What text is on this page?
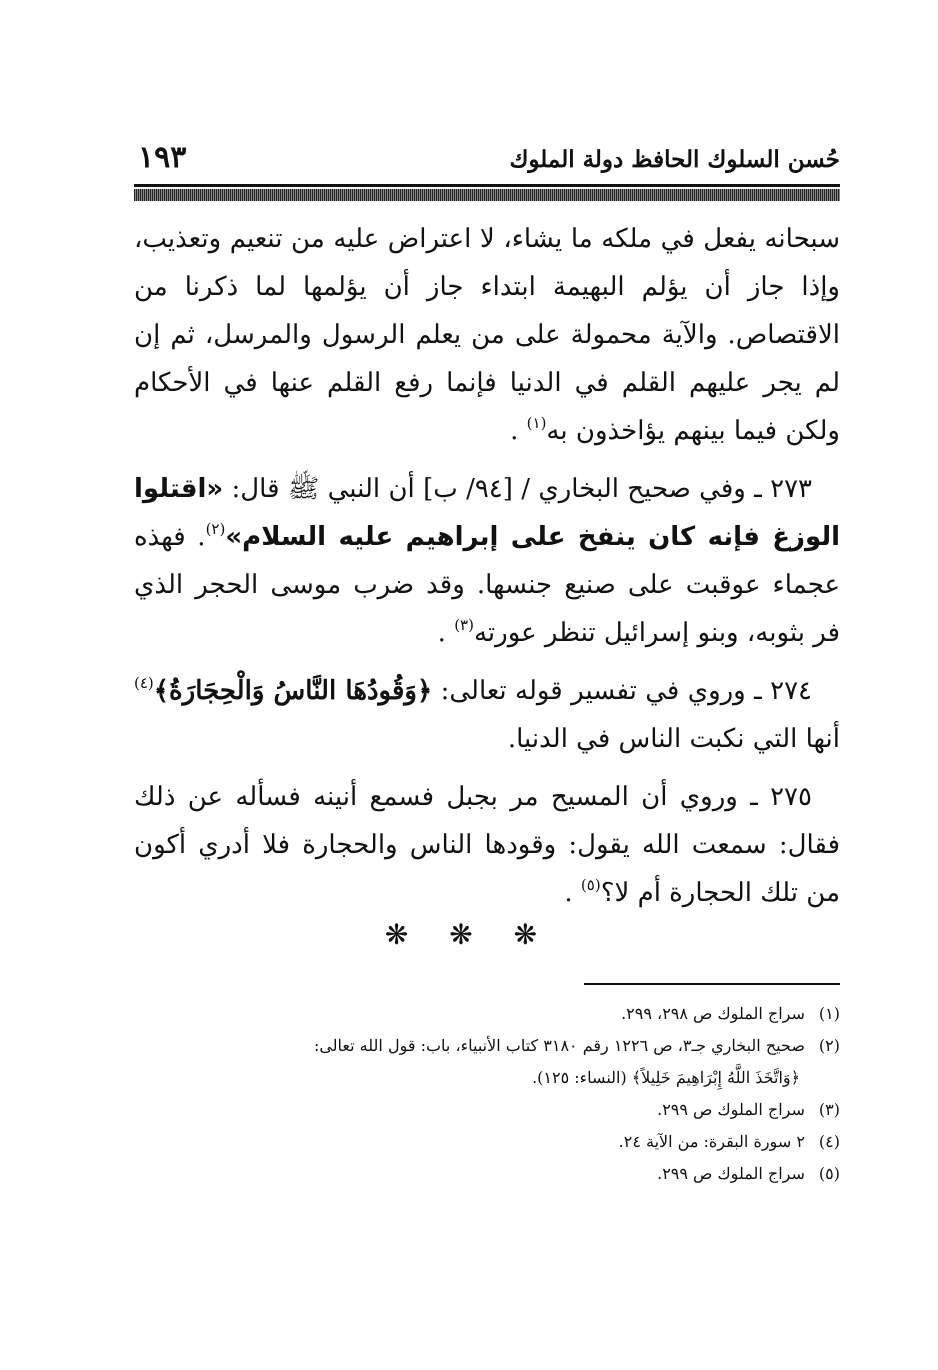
حُسن السلوك الحافظ دولة الملوك
١٩٣

سبحانه يفعل في ملكه ما يشاء، لا اعتراض عليه من تنعيم وتعذيب، وإذا جاز أن يؤلم البهيمة ابتداء جاز أن يؤلمها لما ذكرنا من الاقتصاص. والآية محمولة على من يعلم الرسول والمرسل، ثم إن لم يجر عليهم القلم في الدنيا فإنما رفع القلم عنها في الأحكام ولكن فيما بينهم يؤاخذون به$^{(١)}$ .

٢٧٣ ـ وفي صحيح البخاري / [٩٤/ ب] أن النبي ﷺ قال: «اقتلوا الوزغ فإنه كان ينفخ على إبراهيم عليه السلام»$^{(٢)}$. فهذه عجماء عوقبت على صنيع جنسها. وقد ضرب موسى الحجر الذي فر بثوبه، وبنو إسرائيل تنظر عورته$^{(٣)}$ .

٢٧٤ ـ وروي في تفسير قوله تعالى: ﴿وَقُودُهَا النَّاسُ وَالْحِجَارَةُ﴾$^{(٤)}$ أنها التي نكبت الناس في الدنيا.

٢٧٥ ـ وروي أن المسيح مر بجبل فسمع أنينه فسأله عن ذلك فقال: سمعت الله يقول: وقودها الناس والحجارة فلا أدري أكون من تلك الحجارة أم لا؟$^{(٥)}$ .

❋ ❋ ❋
(١) سراج الملوك ص ٢٩٨، ٢٩٩.
(٢) صحيح البخاري جـ٣، ص ١٢٢٦ رقم ٣١٨٠ كتاب الأنبياء، باب: قول الله تعالى:
﴿وَاتَّخَذَ اللَّهُ إِبْرَاهِيمَ خَلِيلاً﴾ (النساء: ١٢٥).
(٣) سراج الملوك ص ٢٩٩.
(٤) ٢ سورة البقرة: من الآية ٢٤.
(٥) سراج الملوك ص ٢٩٩.
